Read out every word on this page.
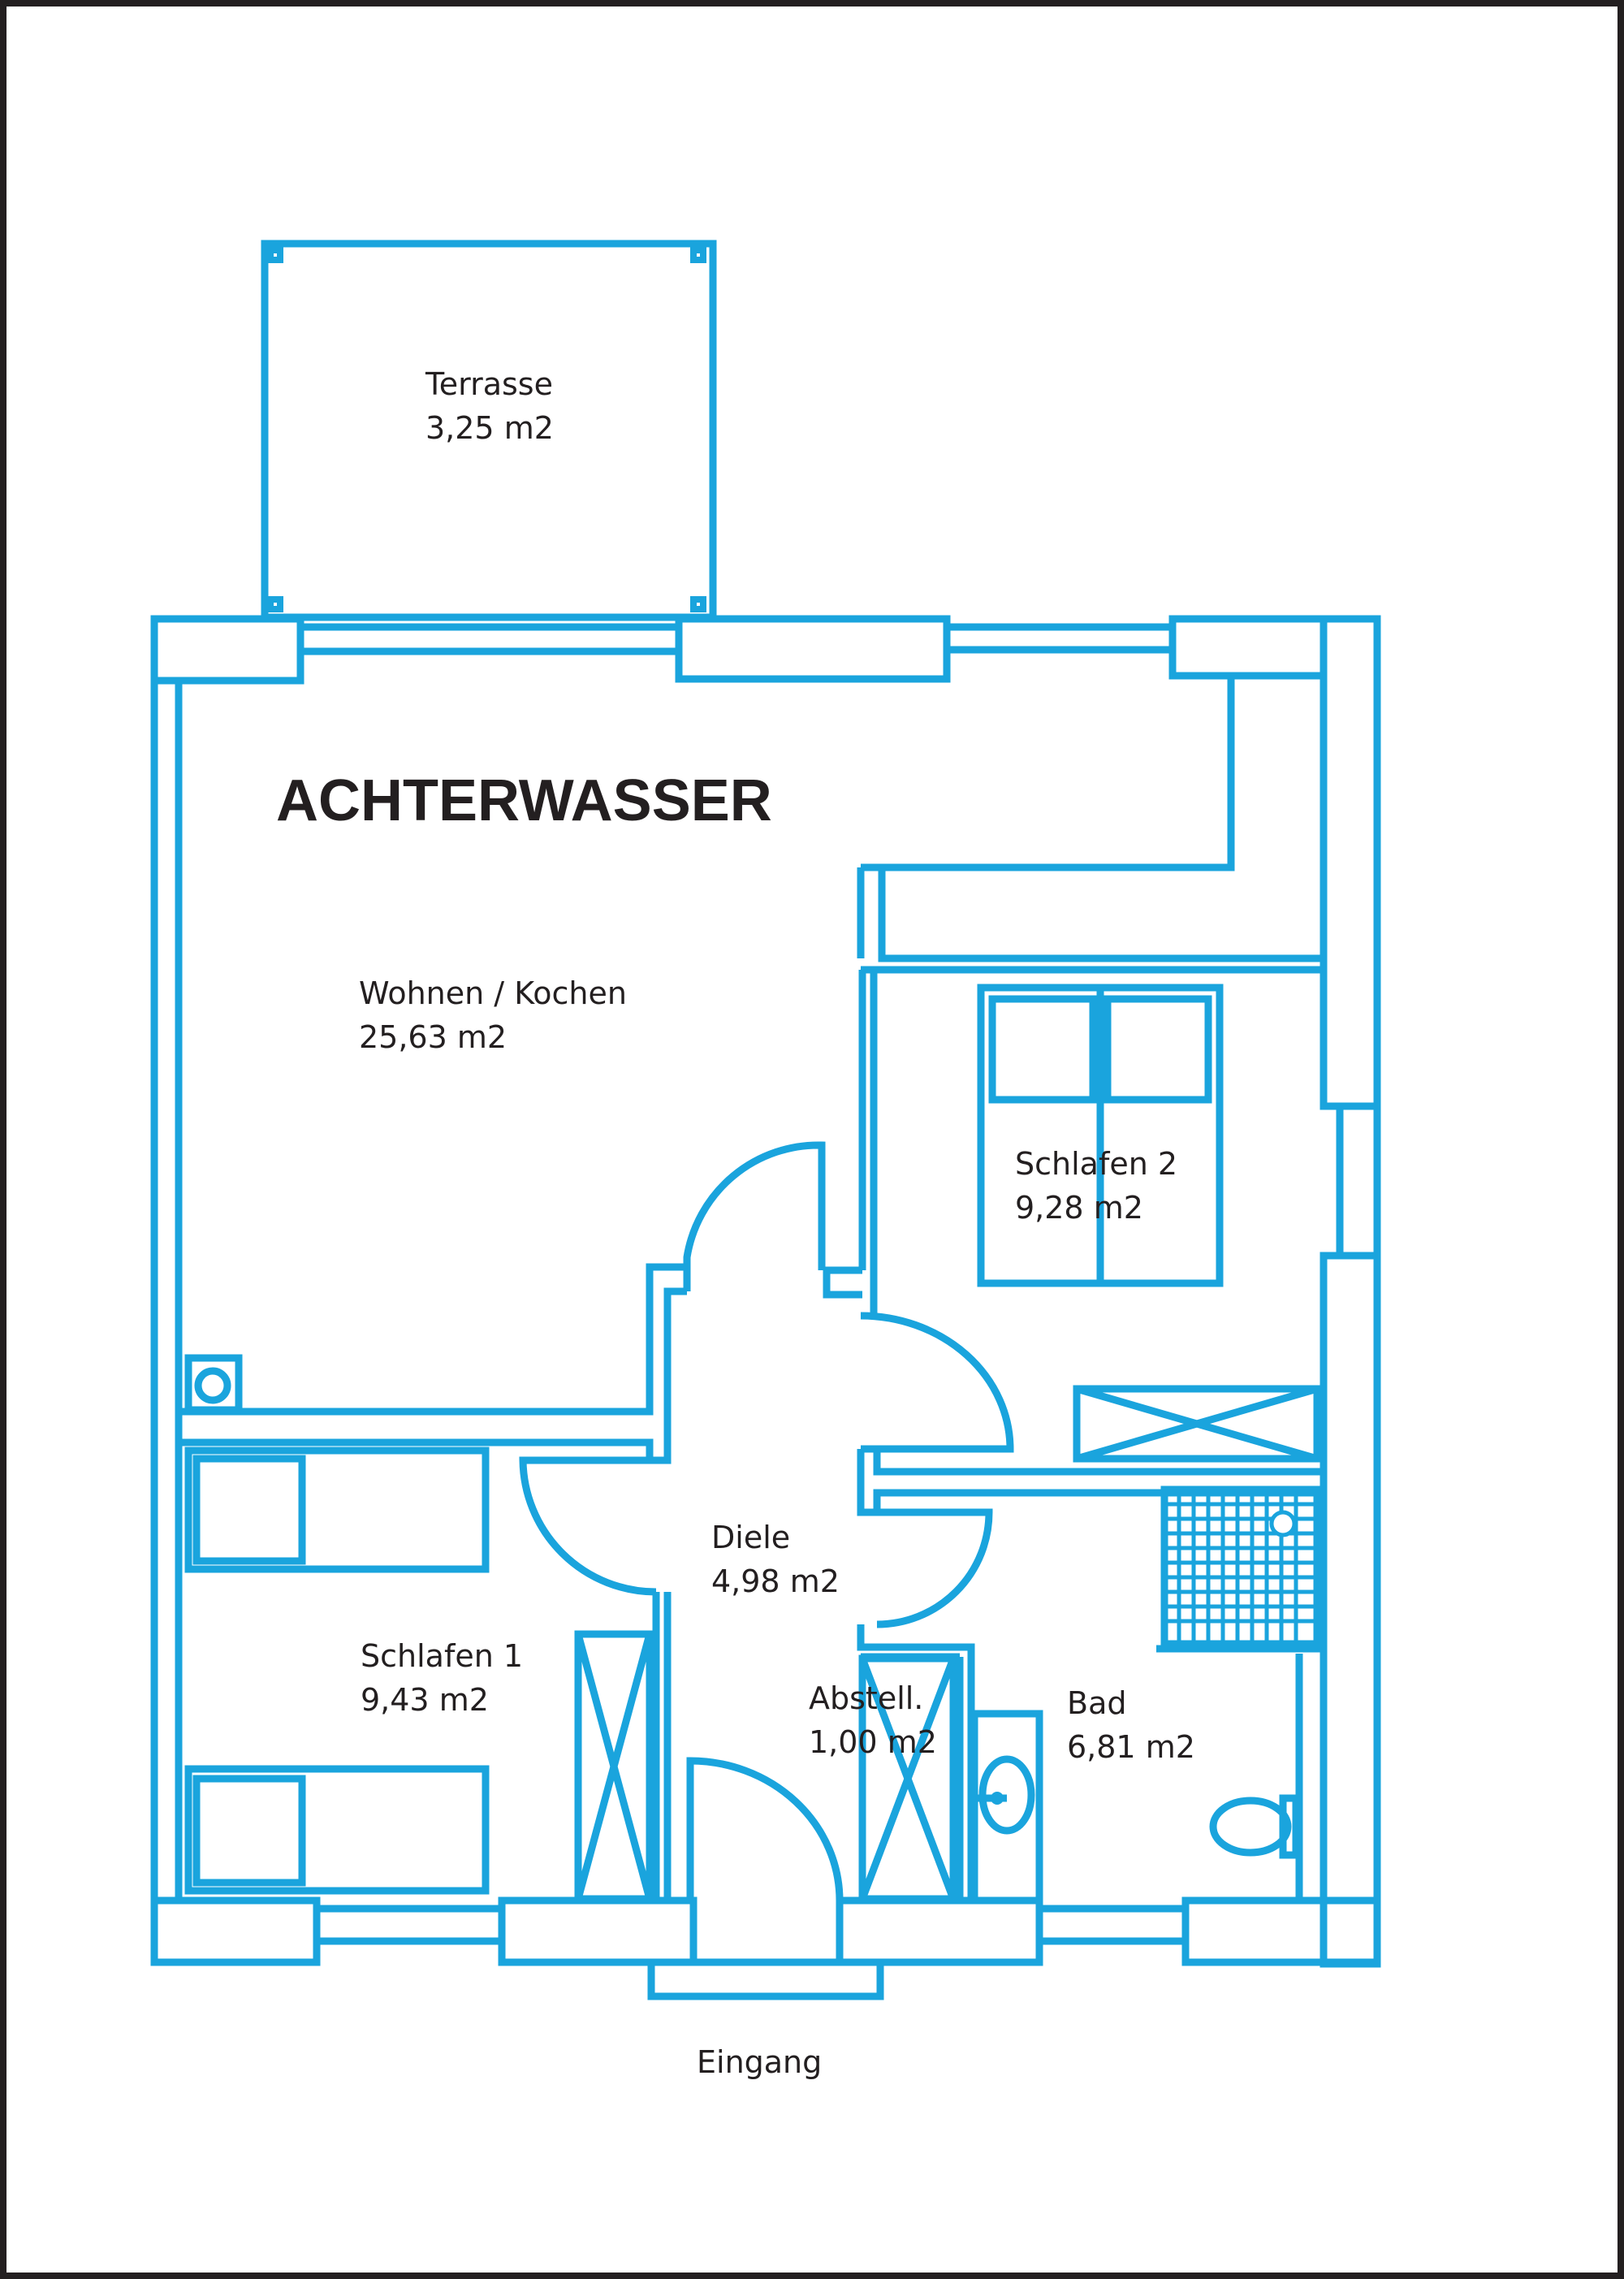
ACHTERWASSER
Terrasse
3,25 m2
Wohnen / Kochen
25,63 m2
Schlafen 2
9,28 m2
Diele
4,98 m2
Schlafen 1
9,43 m2	Abstell.
1,00 m2
Bad
6,81 m2
Eingang
